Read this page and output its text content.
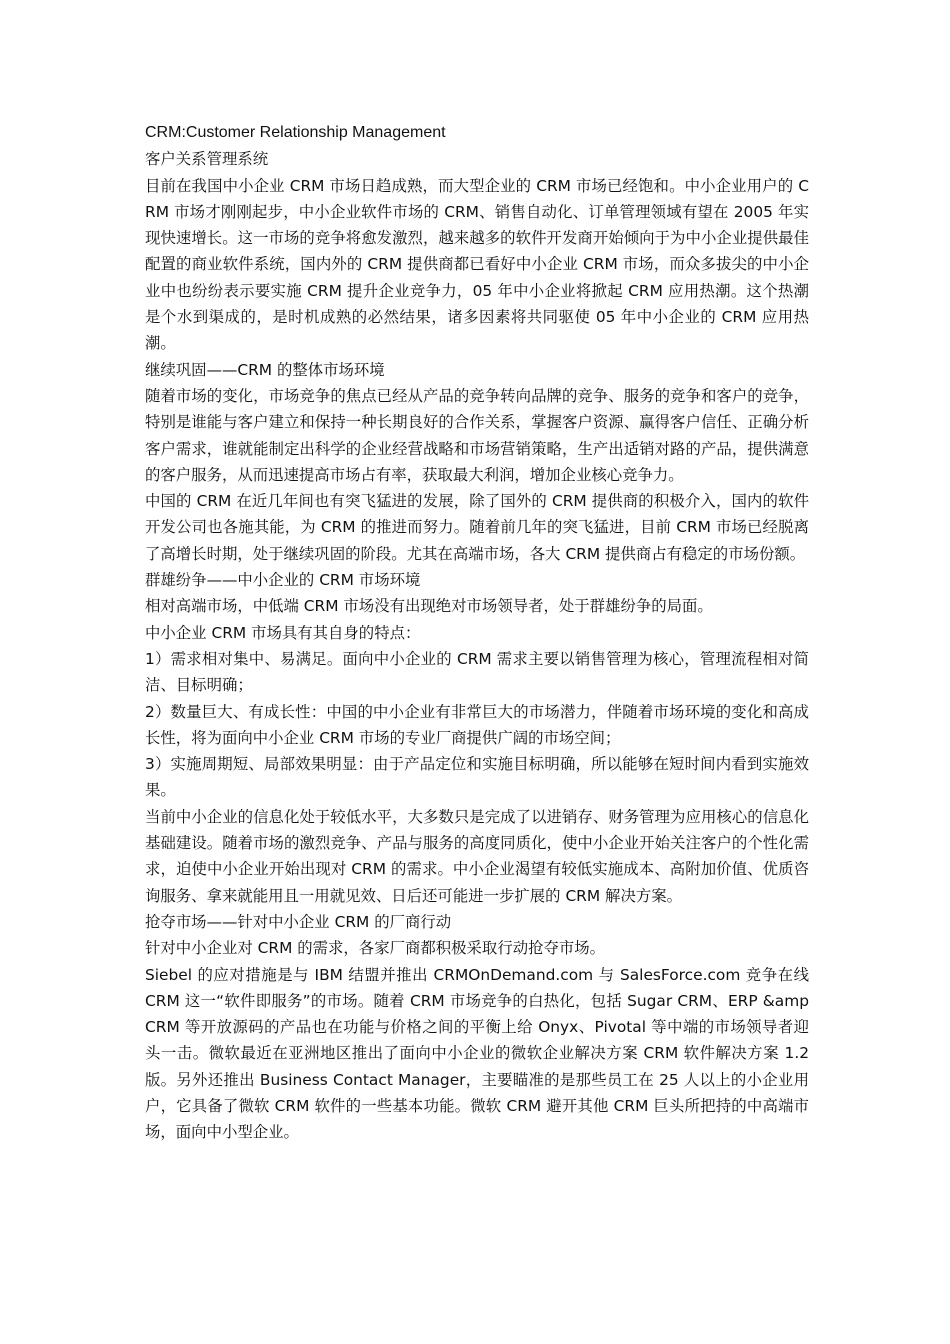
CRM:Customer Relationship Management

客户关系管理系统

目前在我国中小企业 CRM 市场日趋成熟，而大型企业的 CRM 市场已经饱和。中小企业用户的 CRM 市场才刚刚起步，中小企业软件市场的 CRM、销售自动化、订单管理领域有望在 2005 年实现快速增长。这一市场的竞争将愈发激烈，越来越多的软件开发商开始倾向于为中小企业提供最佳配置的商业软件系统，国内外的 CRM 提供商都已看好中小企业 CRM 市场，而众多拔尖的中小企业中也纷纷表示要实施 CRM 提升企业竞争力，05 年中小企业将掀起 CRM 应用热潮。这个热潮是个水到渠成的，是时机成熟的必然结果，诸多因素将共同驱使 05 年中小企业的 CRM 应用热潮。

继续巩固——CRM 的整体市场环境

随着市场的变化，市场竞争的焦点已经从产品的竞争转向品牌的竞争、服务的竞争和客户的竞争，特别是谁能与客户建立和保持一种长期良好的合作关系，掌握客户资源、赢得客户信任、正确分析客户需求，谁就能制定出科学的企业经营战略和市场营销策略，生产出适销对路的产品，提供满意的客户服务，从而迅速提高市场占有率，获取最大利润，增加企业核心竞争力。

中国的 CRM 在近几年间也有突飞猛进的发展，除了国外的 CRM 提供商的积极介入，国内的软件开发公司也各施其能，为 CRM 的推进而努力。随着前几年的突飞猛进，目前 CRM 市场已经脱离了高增长时期，处于继续巩固的阶段。尤其在高端市场，各大 CRM 提供商占有稳定的市场份额。

群雄纷争——中小企业的 CRM 市场环境

相对高端市场，中低端 CRM 市场没有出现绝对市场领导者，处于群雄纷争的局面。

中小企业 CRM 市场具有其自身的特点：

1）需求相对集中、易满足。面向中小企业的 CRM 需求主要以销售管理为核心，管理流程相对简洁、目标明确；

2）数量巨大、有成长性：中国的中小企业有非常巨大的市场潜力，伴随着市场环境的变化和高成长性，将为面向中小企业 CRM 市场的专业厂商提供广阔的市场空间；

3）实施周期短、局部效果明显：由于产品定位和实施目标明确，所以能够在短时间内看到实施效果。

当前中小企业的信息化处于较低水平，大多数只是完成了以进销存、财务管理为应用核心的信息化基础建设。随着市场的激烈竞争、产品与服务的高度同质化，使中小企业开始关注客户的个性化需求，迫使中小企业开始出现对 CRM 的需求。中小企业渴望有较低实施成本、高附加价值、优质咨询服务、拿来就能用且一用就见效、日后还可能进一步扩展的 CRM 解决方案。

抢夺市场——针对中小企业 CRM 的厂商行动

针对中小企业对 CRM 的需求，各家厂商都积极采取行动抢夺市场。

Siebel 的应对措施是与 IBM 结盟并推出 CRMOnDemand.com 与 SalesForce.com 竞争在线 CRM 这一“软件即服务”的市场。随着 CRM 市场竞争的白热化，包括 Sugar CRM、ERP &amp CRM 等开放源码的产品也在功能与价格之间的平衡上给 Onyx、Pivotal 等中端的市场领导者迎头一击。微软最近在亚洲地区推出了面向中小企业的微软企业解决方案 CRM 软件解决方案 1.2 版。另外还推出 Business Contact Manager，主要瞄准的是那些员工在 25 人以上的小企业用户，它具备了微软 CRM 软件的一些基本功能。微软 CRM 避开其他 CRM 巨头所把持的中高端市场，面向中小型企业。
